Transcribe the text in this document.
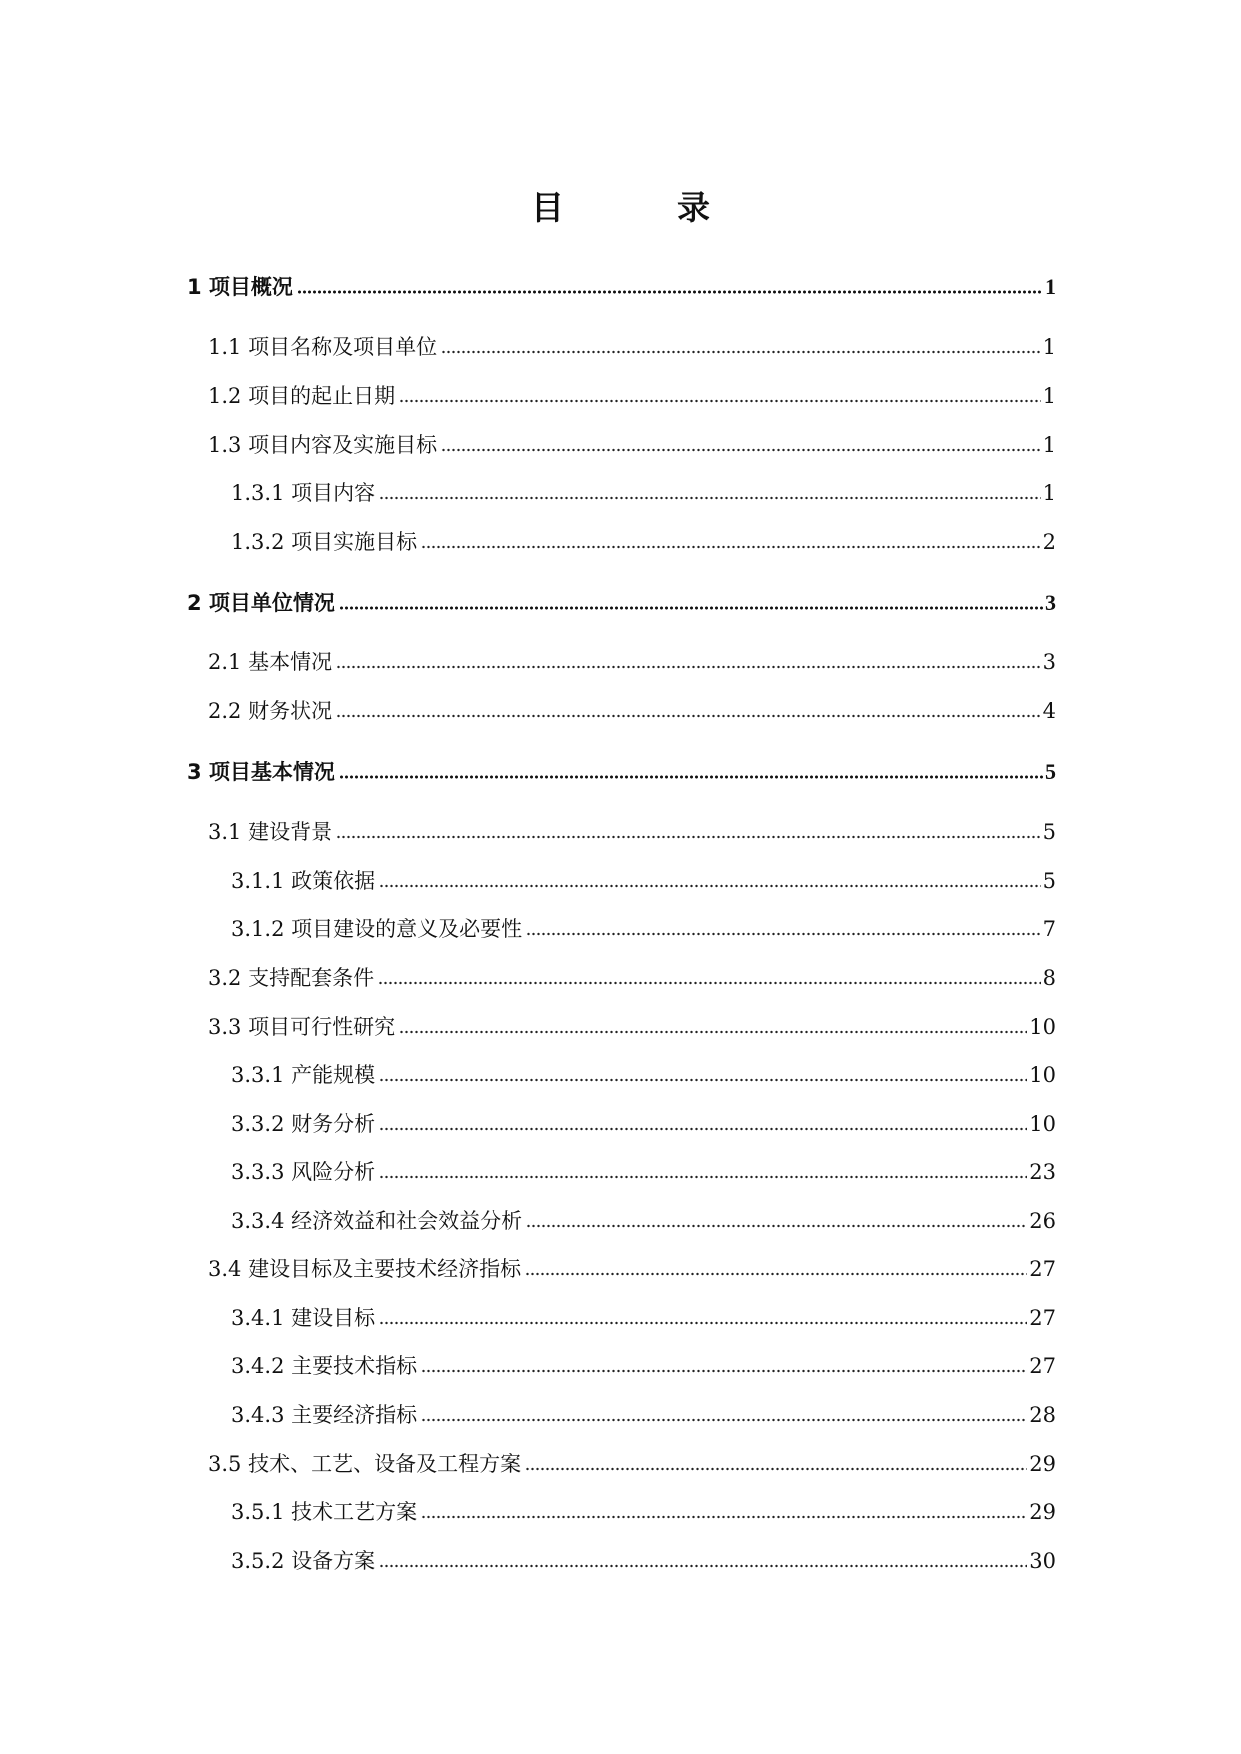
目　录
1 项目概况	1
1.1 项目名称及项目单位	1
1.2 项目的起止日期	1
1.3 项目内容及实施目标	1
1.3.1 项目内容	1
1.3.2 项目实施目标	2
2 项目单位情况	3
2.1 基本情况	3
2.2 财务状况	4
3 项目基本情况	5
3.1 建设背景	5
3.1.1 政策依据	5
3.1.2 项目建设的意义及必要性	7
3.2 支持配套条件	8
3.3 项目可行性研究	10
3.3.1 产能规模	10
3.3.2 财务分析	10
3.3.3 风险分析	23
3.3.4 经济效益和社会效益分析	26
3.4 建设目标及主要技术经济指标	27
3.4.1 建设目标	27
3.4.2 主要技术指标	27
3.4.3 主要经济指标	28
3.5 技术、工艺、设备及工程方案	29
3.5.1 技术工艺方案	29
3.5.2 设备方案	30
